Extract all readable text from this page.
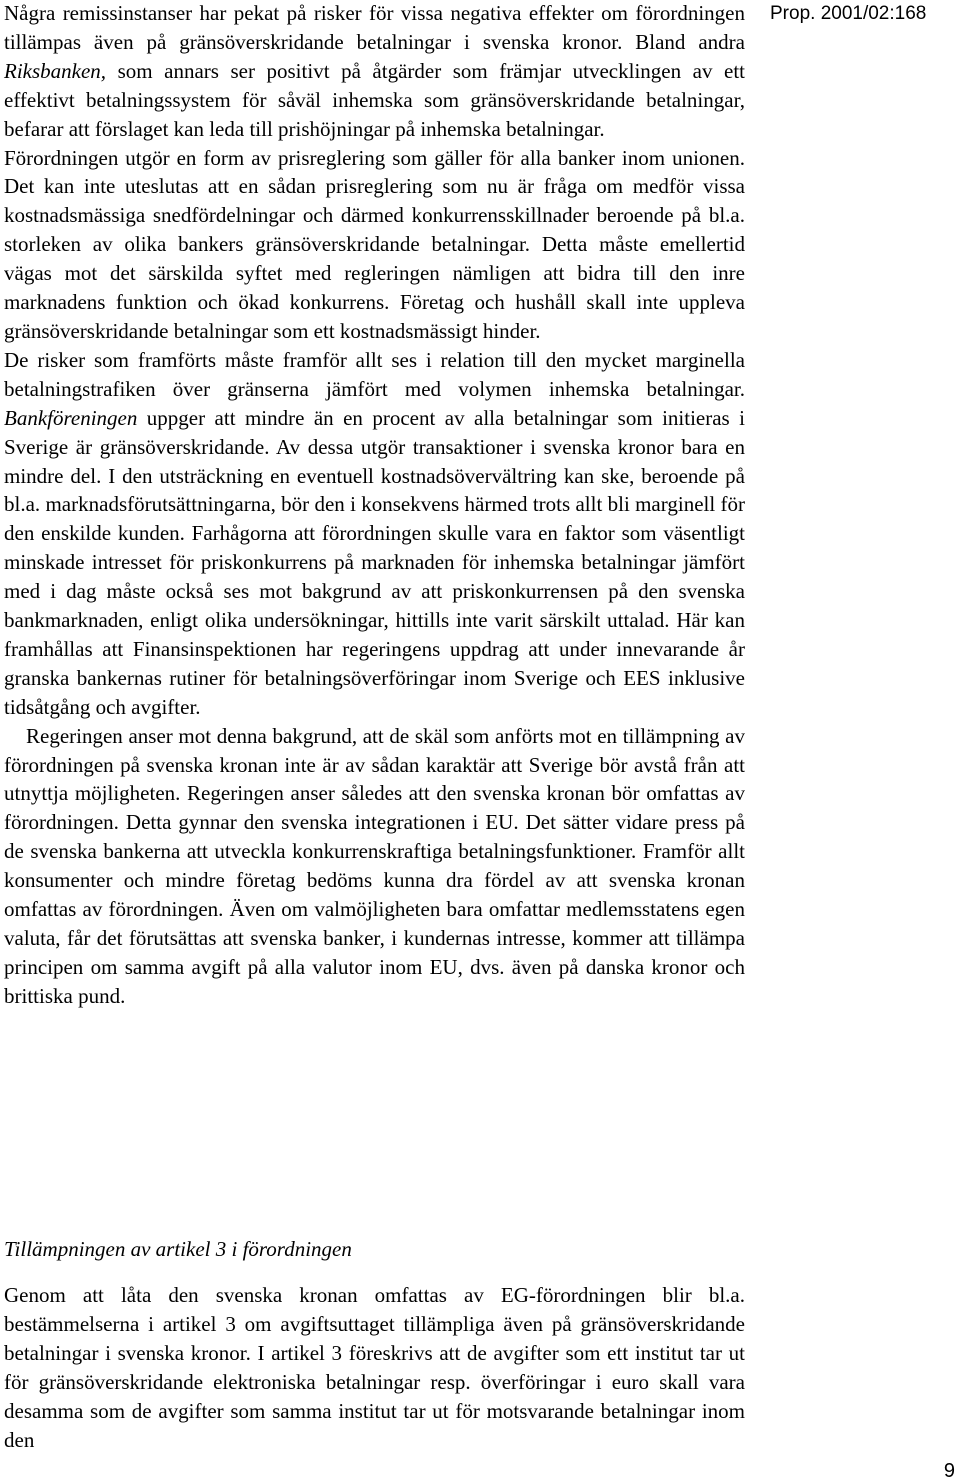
Prop. 2001/02:168

Några remissinstanser har pekat på risker för vissa negativa effekter om förordningen tillämpas även på gränsöverskridande betalningar i svenska kronor. Bland andra Riksbanken, som annars ser positivt på åtgärder som främjar utvecklingen av ett effektivt betalningssystem för såväl inhemska som gränsöverskridande betalningar, befarar att förslaget kan leda till prishöjningar på inhemska betalningar.

Förordningen utgör en form av prisreglering som gäller för alla banker inom unionen. Det kan inte uteslutas att en sådan prisreglering som nu är fråga om medför vissa kostnadsmässiga snedfördelningar och därmed konkurrensskillnader beroende på bl.a. storleken av olika bankers gränsöverskridande betalningar. Detta måste emellertid vägas mot det särskilda syftet med regleringen nämligen att bidra till den inre marknadens funktion och ökad konkurrens. Företag och hushåll skall inte uppleva gränsöverskridande betalningar som ett kostnadsmässigt hinder.

De risker som framförts måste framför allt ses i relation till den mycket marginella betalningstrafiken över gränserna jämfört med volymen inhemska betalningar. Bankföreningen uppger att mindre än en procent av alla betalningar som initieras i Sverige är gränsöverskridande. Av dessa utgör transaktioner i svenska kronor bara en mindre del. I den utsträckning en eventuell kostnadsövervältring kan ske, beroende på bl.a. marknadsförutsättningarna, bör den i konsekvens härmed trots allt bli marginell för den enskilde kunden. Farhågorna att förordningen skulle vara en faktor som väsentligt minskade intresset för priskonkurrens på marknaden för inhemska betalningar jämfört med i dag måste också ses mot bakgrund av att priskonkurrensen på den svenska bankmarknaden, enligt olika undersökningar, hittills inte varit särskilt uttalad. Här kan framhållas att Finansinspektionen har regeringens uppdrag att under innevarande år granska bankernas rutiner för betalningsöverföringar inom Sverige och EES inklusive tidsåtgång och avgifter.

Regeringen anser mot denna bakgrund, att de skäl som anförts mot en tillämpning av förordningen på svenska kronan inte är av sådan karaktär att Sverige bör avstå från att utnyttja möjligheten. Regeringen anser således att den svenska kronan bör omfattas av förordningen. Detta gynnar den svenska integrationen i EU. Det sätter vidare press på de svenska bankerna att utveckla konkurrenskraftiga betalningsfunktioner. Framför allt konsumenter och mindre företag bedöms kunna dra fördel av att svenska kronan omfattas av förordningen. Även om valmöjligheten bara omfattar medlemsstatens egen valuta, får det förutsättas att svenska banker, i kundernas intresse, kommer att tillämpa principen om samma avgift på alla valutor inom EU, dvs. även på danska kronor och brittiska pund.

Tillämpningen av artikel 3 i förordningen

Genom att låta den svenska kronan omfattas av EG-förordningen blir bl.a. bestämmelserna i artikel 3 om avgiftsuttaget tillämpliga även på gränsöverskridande betalningar i svenska kronor. I artikel 3 föreskrivs att de avgifter som ett institut tar ut för gränsöverskridande elektroniska betalningar resp. överföringar i euro skall vara desamma som de avgifter som samma institut tar ut för motsvarande betalningar inom den

9
